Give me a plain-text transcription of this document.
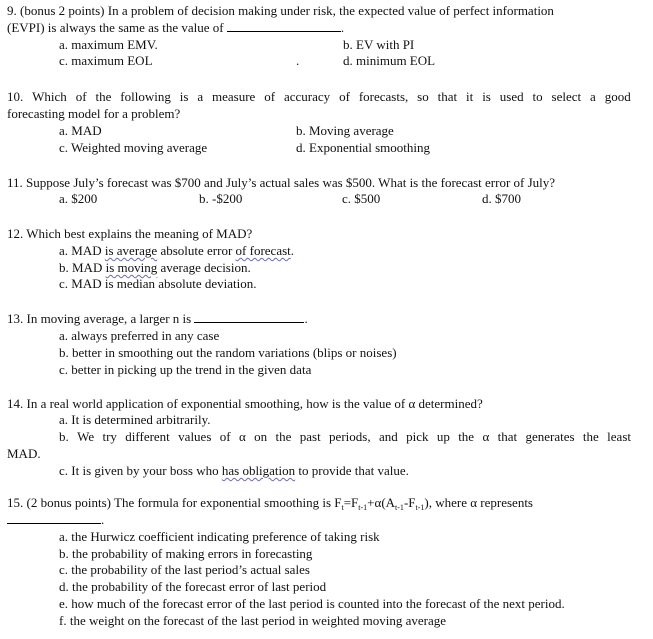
9. (bonus 2 points) In a problem of decision making under risk, the expected value of perfect information
(EVPI) is always the same as the value of	.
a. maximum EMV.	b. EV with PI
c. maximum EOL	.	d. minimum EOL
10. Which of the following is a measure of accuracy of forecasts, so that it is used to select a good
forecasting model for a problem?
a. MAD	b. Moving average
c. Weighted moving average	d. Exponential smoothing
11. Suppose July’s forecast was $700 and July’s actual sales was $500. What is the forecast error of July?
a. $200	b. -$200	c. $500	d. $700
12. Which best explains the meaning of MAD?
a. MAD is average absolute error of forecast.
b. MAD is moving average decision.
c. MAD is median absolute deviation.
13. In moving average, a larger n is	.
a. always preferred in any case
b. better in smoothing out the random variations (blips or noises)
c. better in picking up the trend in the given data
14. In a real world application of exponential smoothing, how is the value of α determined?
a. It is determined arbitrarily.
b. We try different values of α on the past periods, and pick up the α that generates the least
MAD.
c. It is given by your boss who has obligation to provide that value.
15. (2 bonus points) The formula for exponential smoothing is $F_t=F_{t-1}+\alpha(A_{t-1}-F_{t-1})$, where α represents
.
a. the Hurwicz coefficient indicating preference of taking risk
b. the probability of making errors in forecasting
c. the probability of the last period’s actual sales
d. the probability of the forecast error of last period
e. how much of the forecast error of the last period is counted into the forecast of the next period.
f. the weight on the forecast of the last period in weighted moving average
